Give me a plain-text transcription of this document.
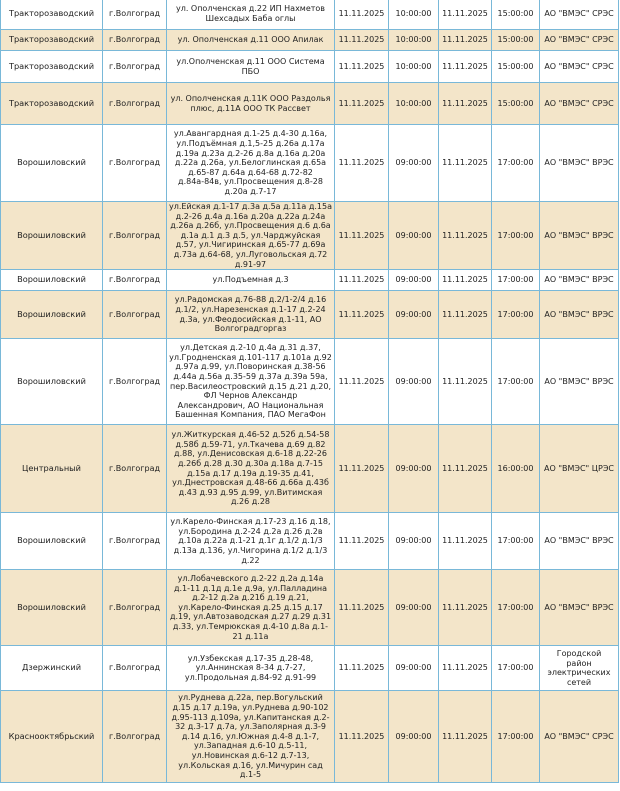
Тракторозаводский	г.Волгоград	ул. Ополченская д.22 ИП Нахметов Шехсадых Баба оглы	11.11.2025	10:00:00	11.11.2025	15:00:00	АО "ВМЭС" СРЭС
Тракторозаводский	г.Волгоград	ул. Ополченская д.11 ООО Апилак	11.11.2025	10:00:00	11.11.2025	15:00:00	АО "ВМЭС" СРЭС
Тракторозаводский	г.Волгоград	ул.Ополченская д.11 ООО Система ПБО	11.11.2025	10:00:00	11.11.2025	15:00:00	АО "ВМЭС" СРЭС
Тракторозаводский	г.Волгоград	ул. Ополченская д.11К ООО Раздолья плюс, д.11А ООО ТК Рассвет	11.11.2025	10:00:00	11.11.2025	15:00:00	АО "ВМЭС" СРЭС
Ворошиловский	г.Волгоград	ул.Авангардная д.1-25 д.4-30 д.16а, ул.Подъёмная д.1,5-25 д.26а д.17а д.19а д.23а д.2-26 д.8а д.16а д.20а д.22а д.26а, ул.Белоглинская д.65а д.65-87 д.64а д.64-68 д.72-82 д.84а-84в, ул.Просвещения д.8-28 д.20а д.7-17	11.11.2025	09:00:00	11.11.2025	17:00:00	АО "ВМЭС" ВРЭС
Ворошиловский	г.Волгоград	ул.Ейская д.1-17 д.3а д.5а д.11а д.15а д.2-26 д.4а д.16а д.20а д.22а д.24а д.26а д.26б, ул.Просвещения д.6 д.6а д.1а д.1 д.3 д.5, ул.Чарджуйская д.57, ул.Чигиринская д.65-77 д.69а д.73а д.64-68, ул.Луговольская д.72 д.91-97	11.11.2025	09:00:00	11.11.2025	17:00:00	АО "ВМЭС" ВРЭС
Ворошиловский	г.Волгоград	ул.Подъемная д.3	11.11.2025	09:00:00	11.11.2025	17:00:00	АО "ВМЭС" ВРЭС
Ворошиловский	г.Волгоград	ул.Радомская д.76-88 д.2/1-2/4 д.16 д.1/2, ул.Нарезенская д.1-17 д.2-24 д.3а, ул.Феодосийская д.1-11, АО Волгоградгоргаз	11.11.2025	09:00:00	11.11.2025	17:00:00	АО "ВМЭС" ВРЭС
Ворошиловский	г.Волгоград	ул.Детская д.2-10 д.4а д.31 д.37, ул.Гродненская д.101-117 д.101а д.92 д.97а д.99, ул.Поворинская д.38-56 д.44а д.56а д.35-59 д.37а д.39а 59а, пер.Василеостровский д.15 д.21 д.20, ФЛ Чернов Александр Александрович, АО Национальная Башенная Компания, ПАО МегаФон	11.11.2025	09:00:00	11.11.2025	17:00:00	АО "ВМЭС" ВРЭС
Центральный	г.Волгоград	ул.Житкурская д.46-52 д.52б д.54-58 д.58б д.59-71, ул.Ткачева д.69 д.82 д.88, ул.Денисовская д.6-18 д.22-26 д.26б д.28 д.30 д.30а д.18а д.7-15 д.15а д.17 д.19а д.19-35 д.41, ул.Днестровская д.48-66 д.66а д.43б д.43 д.93 д.95 д.99, ул.Витимская д.26 д.28	11.11.2025	09:00:00	11.11.2025	16:00:00	АО "ВМЭС" ЦРЭС
Ворошиловский	г.Волгоград	ул.Карело-Финская д.17-23 д.16 д.18, ул.Бородина д.2-24 д.2а д.26 д.2в д.10а д.22а д.1-21 д.1г д.1/2 д.1/3 д.13а д.136, ул.Чигорина д.1/2 д.1/3 д.22	11.11.2025	09:00:00	11.11.2025	17:00:00	АО "ВМЭС" ВРЭС
Ворошиловский	г.Волгоград	ул.Лобачевского д.2-22 д.2а д.14а д.1-11 д.1д д.1е д.9а, ул.Палладина д.2-12 д.2а д.21б д.19 д.21, ул.Карело-Финская д.25 д.15 д.17 д.19, ул.Автозаводская д.27 д.29 д.31 д.33, ул.Темрюкская д.4-10 д.8а д.1-21 д.11а	11.11.2025	09:00:00	11.11.2025	17:00:00	АО "ВМЭС" ВРЭС
Дзержинский	г.Волгоград	ул.Узбекская д.17-35 д.28-48, ул.Аннинская 8-34 д.7-27, ул.Продольная д.84-92 д.91-99	11.11.2025	09:00:00	11.11.2025	17:00:00	Городской район электрических сетей
Краснооктябрьский	г.Волгоград	ул.Руднева д.22а, пер.Вогульский д.15 д.17 д.19а, ул.Руднева д.90-102 д.95-113 д.109а, ул.Капитанская д.2-32 д.3-17 д.7а, ул.Заполярная д.3-9 д.14 д.16, ул.Южная д.4-8 д.1-7, ул.Западная д.6-10 д.5-11, ул.Новинская д.6-12 д.7-13, ул.Кольская д.16, ул.Мичурин сад д.1-5	11.11.2025	09:00:00	11.11.2025	17:00:00	АО "ВМЭС" СРЭС
